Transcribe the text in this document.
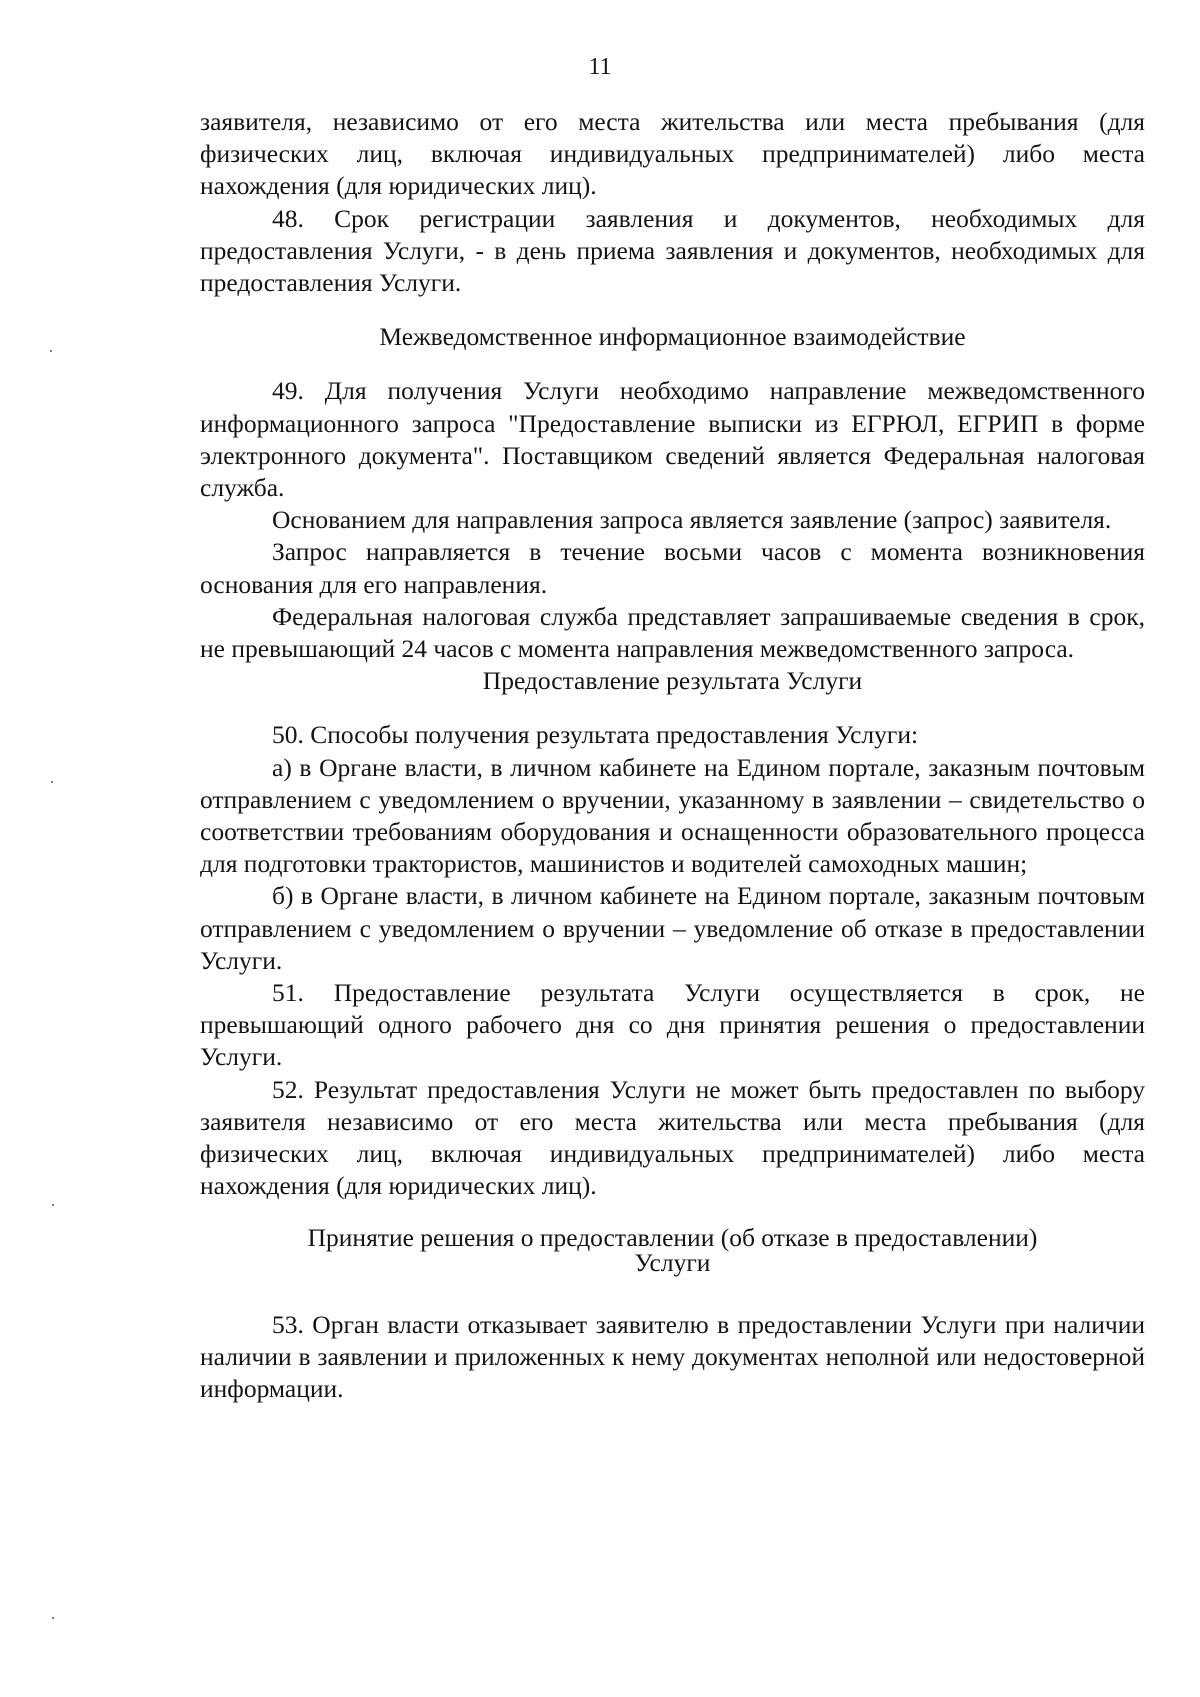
11

заявителя, независимо от его места жительства или места пребывания (для физических лиц, включая индивидуальных предпринимателей) либо места нахождения (для юридических лиц).

48. Срок регистрации заявления и документов, необходимых для предоставления Услуги, - в день приема заявления и документов, необходимых для предоставления Услуги.

Межведомственное информационное взаимодействие

49. Для получения Услуги необходимо направление межведомственного информационного запроса "Предоставление выписки из ЕГРЮЛ, ЕГРИП в форме электронного документа". Поставщиком сведений является Федеральная налоговая служба.

Основанием для направления запроса является заявление (запрос) заявителя.

Запрос направляется в течение восьми часов с момента возникновения основания для его направления.

Федеральная налоговая служба представляет запрашиваемые сведения в срок, не превышающий 24 часов с момента направления межведомственного запроса.

Предоставление результата Услуги

50. Способы получения результата предоставления Услуги:

а) в Органе власти, в личном кабинете на Едином портале, заказным почтовым отправлением с уведомлением о вручении, указанному в заявлении – свидетельство о соответствии требованиям оборудования и оснащенности образовательного процесса для подготовки трактористов, машинистов и водителей самоходных машин;

б) в Органе власти, в личном кабинете на Едином портале, заказным почтовым отправлением с уведомлением о вручении – уведомление об отказе в предоставлении Услуги.

51. Предоставление результата Услуги осуществляется в срок, не превышающий одного рабочего дня со дня принятия решения о предоставлении Услуги.

52. Результат предоставления Услуги не может быть предоставлен по выбору заявителя независимо от его места жительства или места пребывания (для физических лиц, включая индивидуальных предпринимателей) либо места нахождения (для юридических лиц).

Принятие решения о предоставлении (об отказе в предоставлении)
Услуги

53. Орган власти отказывает заявителю в предоставлении Услуги при наличии наличии в заявлении и приложенных к нему документах неполной или недостоверной информации.
